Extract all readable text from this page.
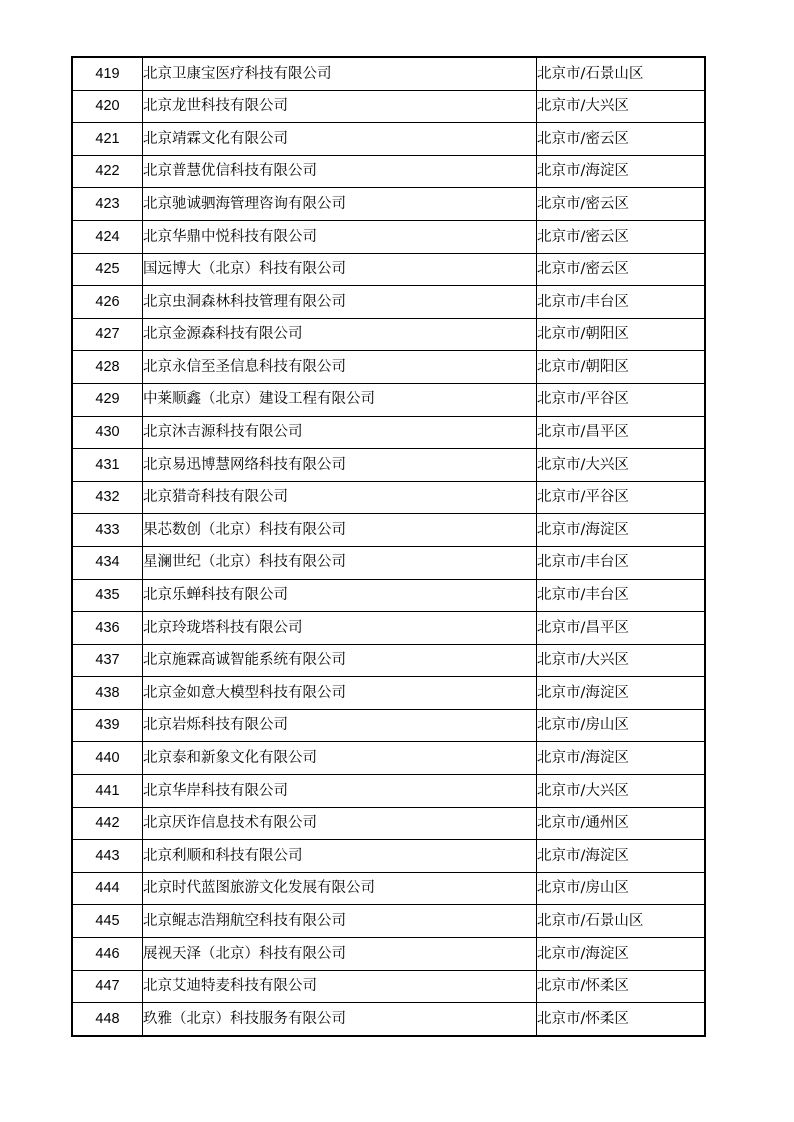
419	北京卫康宝医疗科技有限公司	北京市/石景山区
420	北京龙世科技有限公司	北京市/大兴区
421	北京靖霖文化有限公司	北京市/密云区
422	北京普慧优信科技有限公司	北京市/海淀区
423	北京驰诚驷海管理咨询有限公司	北京市/密云区
424	北京华鼎中悦科技有限公司	北京市/密云区
425	国远博大（北京）科技有限公司	北京市/密云区
426	北京虫洞森林科技管理有限公司	北京市/丰台区
427	北京金源森科技有限公司	北京市/朝阳区
428	北京永信至圣信息科技有限公司	北京市/朝阳区
429	中莱顺鑫（北京）建设工程有限公司	北京市/平谷区
430	北京沐吉源科技有限公司	北京市/昌平区
431	北京易迅博慧网络科技有限公司	北京市/大兴区
432	北京猎奇科技有限公司	北京市/平谷区
433	果芯数创（北京）科技有限公司	北京市/海淀区
434	星澜世纪（北京）科技有限公司	北京市/丰台区
435	北京乐蝉科技有限公司	北京市/丰台区
436	北京玲珑塔科技有限公司	北京市/昌平区
437	北京施霖高诚智能系统有限公司	北京市/大兴区
438	北京金如意大模型科技有限公司	北京市/海淀区
439	北京岩烁科技有限公司	北京市/房山区
440	北京泰和新象文化有限公司	北京市/海淀区
441	北京华岸科技有限公司	北京市/大兴区
442	北京厌诈信息技术有限公司	北京市/通州区
443	北京利顺和科技有限公司	北京市/海淀区
444	北京时代蓝图旅游文化发展有限公司	北京市/房山区
445	北京鲲志浩翔航空科技有限公司	北京市/石景山区
446	展视天泽（北京）科技有限公司	北京市/海淀区
447	北京艾迪特麦科技有限公司	北京市/怀柔区
448	玖雅（北京）科技服务有限公司	北京市/怀柔区
